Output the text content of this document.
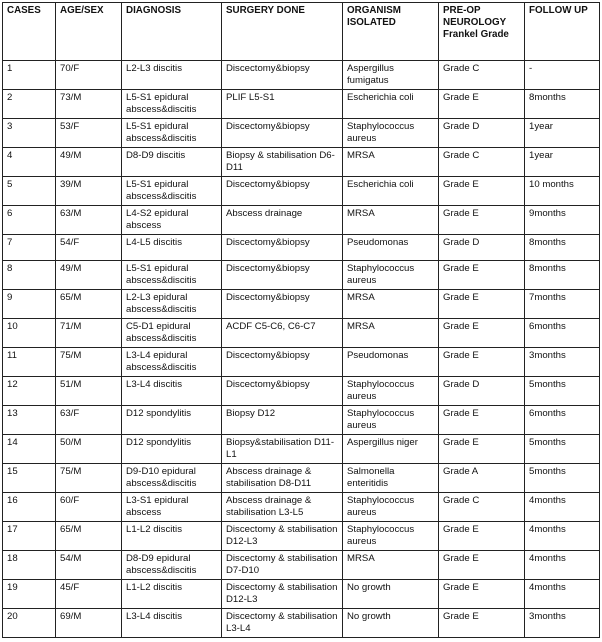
CASES	AGE/SEX	DIAGNOSIS	SURGERY DONE	ORGANISM ISOLATED	PRE-OP NEUROLOGY Frankel Grade	FOLLOW UP
1	70/F	L2-L3 discitis	Discectomy&biopsy	Aspergillus fumigatus	Grade C	-
2	73/M	L5-S1 epidural abscess&discitis	PLIF L5-S1	Escherichia coli	Grade E	8months
3	53/F	L5-S1 epidural abscess&discitis	Discectomy&biopsy	Staphylococcus aureus	Grade D	1year
4	49/M	D8-D9 discitis	Biopsy & stabilisation D6-D11	MRSA	Grade C	1year
5	39/M	L5-S1 epidural abscess&discitis	Discectomy&biopsy	Escherichia coli	Grade E	10 months
6	63/M	L4-S2 epidural abscess	Abscess drainage	MRSA	Grade E	9months
7	54/F	L4-L5 discitis	Discectomy&biopsy	Pseudomonas	Grade D	8months
8	49/M	L5-S1 epidural abscess&discitis	Discectomy&biopsy	Staphylococcus aureus	Grade E	8months
9	65/M	L2-L3 epidural abscess&discitis	Discectomy&biopsy	MRSA	Grade E	7months
10	71/M	C5-D1 epidural abscess&discitis	ACDF C5-C6, C6-C7	MRSA	Grade E	6months
11	75/M	L3-L4 epidural abscess&discitis	Discectomy&biopsy	Pseudomonas	Grade E	3months
12	51/M	L3-L4 discitis	Discectomy&biopsy	Staphylococcus aureus	Grade D	5months
13	63/F	D12 spondylitis	Biopsy D12	Staphylococcus aureus	Grade E	6months
14	50/M	D12 spondylitis	Biopsy&stabilisation D11-L1	Aspergillus niger	Grade E	5months
15	75/M	D9-D10 epidural abscess&discitis	Abscess drainage & stabilisation D8-D11	Salmonella enteritidis	Grade A	5months
16	60/F	L3-S1 epidural abscess	Abscess drainage & stabilisation L3-L5	Staphylococcus aureus	Grade C	4months
17	65/M	L1-L2 discitis	Discectomy & stabilisation D12-L3	Staphylococcus aureus	Grade E	4months
18	54/M	D8-D9 epidural abscess&discitis	Discectomy & stabilisation D7-D10	MRSA	Grade E	4months
19	45/F	L1-L2 discitis	Discectomy & stabilisation D12-L3	No growth	Grade E	4months
20	69/M	L3-L4 discitis	Discectomy & stabilisation L3-L4	No growth	Grade E	3months
